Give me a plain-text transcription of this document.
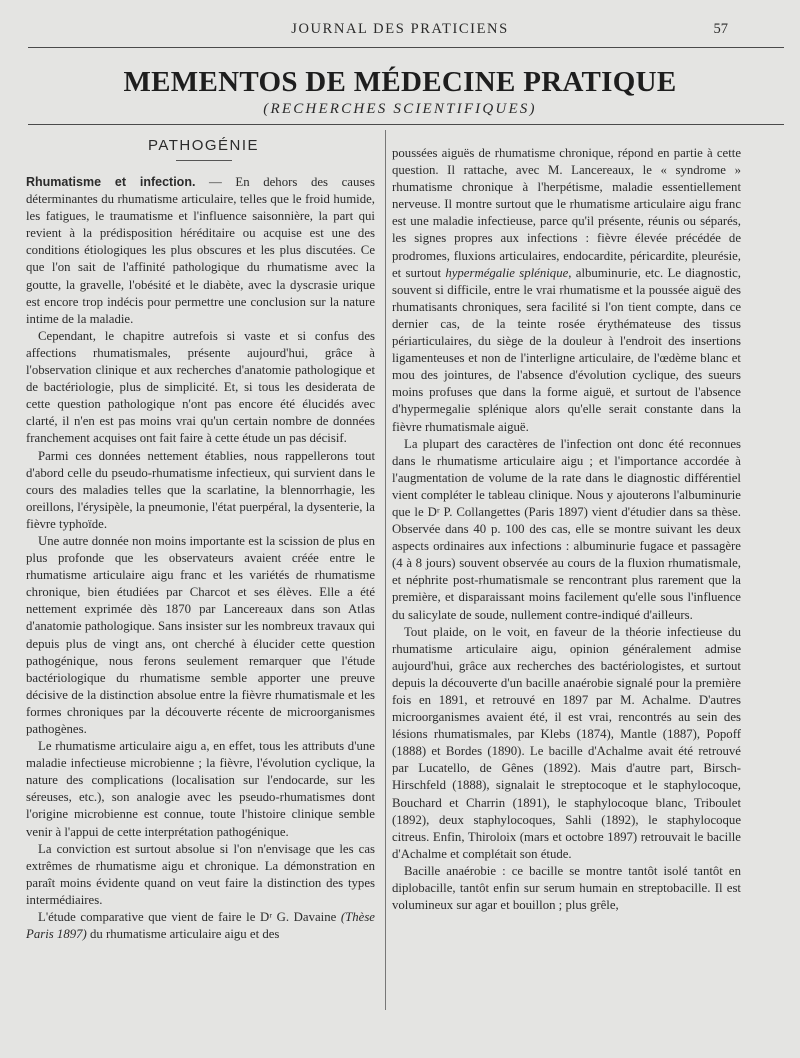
JOURNAL DES PRATICIENS	57
MEMENTOS DE MÉDECINE PRATIQUE
(RECHERCHES SCIENTIFIQUES)
PATHOGÉNIE

Rhumatisme et infection. — En dehors des causes déterminantes du rhumatisme articulaire, telles que le froid humide, les fatigues, le traumatisme et l'influence saisonnière, la part qui revient à la prédisposition héréditaire ou acquise est une des conditions étiologiques les plus obscures et les plus discutées. Ce que l'on sait de l'affinité pathologique du rhumatisme avec la goutte, la gravelle, l'obésité et le diabète, avec la dyscrasie urique est encore trop indécis pour permettre une conclusion sur la nature intime de la maladie.

Cependant, le chapitre autrefois si vaste et si confus des affections rhumatismales, présente aujourd'hui, grâce à l'observation clinique et aux recherches d'anatomie pathologique et de bactériologie, plus de simplicité. Et, si tous les desiderata de cette question pathologique n'ont pas encore été élucidés avec clarté, il n'en est pas moins vrai qu'un certain nombre de données franchement acquises ont fait faire à cette étude un pas décisif.

Parmi ces données nettement établies, nous rappellerons tout d'abord celle du pseudo-rhumatisme infectieux, qui survient dans le cours des maladies telles que la scarlatine, la blennorrhagie, les oreillons, l'érysipèle, la pneumonie, l'état puerpéral, la dysenterie, la fièvre typhoïde.

Une autre donnée non moins importante est la scission de plus en plus profonde que les observateurs avaient créée entre le rhumatisme articulaire aigu franc et les variétés de rhumatisme chronique, bien étudiées par Charcot et ses élèves. Elle a été nettement exprimée dès 1870 par Lancereaux dans son Atlas d'anatomie pathologique. Sans insister sur les nombreux travaux qui depuis plus de vingt ans, ont cherché à élucider cette question pathogénique, nous ferons seulement remarquer que l'étude bactériologique du rhumatisme semble apporter une preuve décisive de la distinction absolue entre la fièvre rhumatismale et les formes chroniques par la découverte récente de microorganismes pathogènes.

Le rhumatisme articulaire aigu a, en effet, tous les attributs d'une maladie infectieuse microbienne ; la fièvre, l'évolution cyclique, la nature des complications (localisation sur l'endocarde, sur les séreuses, etc.), son analogie avec les pseudo-rhumatismes dont l'origine microbienne est connue, toute l'histoire clinique semble venir à l'appui de cette interprétation pathogénique.

La conviction est surtout absolue si l'on n'envisage que les cas extrêmes de rhumatisme aigu et chronique. La démonstration en paraît moins évidente quand on veut faire la distinction des types intermédiaires.

L'étude comparative que vient de faire le Dʳ G. Davaine (Thèse Paris 1897) du rhumatisme articulaire aigu et des

poussées aiguës de rhumatisme chronique, répond en partie à cette question. Il rattache, avec M. Lancereaux, le « syndrome » rhumatisme chronique à l'herpétisme, maladie essentiellement nerveuse. Il montre surtout que le rhumatisme articulaire aigu franc est une maladie infectieuse, parce qu'il présente, réunis ou séparés, les signes propres aux infections : fièvre élevée précédée de prodromes, fluxions articulaires, endocardite, péricardite, pleurésie, et surtout hypermégalie splénique, albuminurie, etc. Le diagnostic, souvent si difficile, entre le vrai rhumatisme et la poussée aiguë des rhumatisants chroniques, sera facilité si l'on tient compte, dans ce dernier cas, de la teinte rosée érythémateuse des tissus périarticulaires, du siège de la douleur à l'endroit des insertions ligamenteuses et non de l'interligne articulaire, de l'œdème blanc et mou des jointures, de l'absence d'évolution cyclique, des sueurs moins profuses que dans la forme aiguë, et surtout de l'absence d'hypermegalie splénique alors qu'elle serait constante dans la fièvre rhumatismale aiguë.

La plupart des caractères de l'infection ont donc été reconnues dans le rhumatisme articulaire aigu ; et l'importance accordée à l'augmentation de volume de la rate dans le diagnostic différentiel vient compléter le tableau clinique. Nous y ajouterons l'albuminurie que le Dʳ P. Collangettes (Paris 1897) vient d'étudier dans sa thèse. Observée dans 40 p. 100 des cas, elle se montre suivant les deux aspects ordinaires aux infections : albuminurie fugace et passagère (4 à 8 jours) souvent observée au cours de la fluxion rhumatismale, et néphrite post-rhumatismale se rencontrant plus rarement que la première, et disparaissant moins facilement qu'elle sous l'influence du salicylate de soude, nullement contre-indiqué d'ailleurs.

Tout plaide, on le voit, en faveur de la théorie infectieuse du rhumatisme articulaire aigu, opinion généralement admise aujourd'hui, grâce aux recherches des bactériologistes, et surtout depuis la découverte d'un bacille anaérobie signalé pour la première fois en 1891, et retrouvé en 1897 par M. Achalme. D'autres microorganismes avaient été, il est vrai, rencontrés au sein des lésions rhumatismales, par Klebs (1874), Mantle (1887), Popoff (1888) et Bordes (1890). Le bacille d'Achalme avait été retrouvé par Lucatello, de Gênes (1892). Mais d'autre part, Birsch-Hirschfeld (1888), signalait le streptocoque et le staphylocoque, Bouchard et Charrin (1891), le staphylocoque blanc, Triboulet (1892), deux staphylocoques, Sahli (1892), le staphylocoque citreus. Enfin, Thiroloix (mars et octobre 1897) retrouvait le bacille d'Achalme et complétait son étude.

Bacille anaérobie : ce bacille se montre tantôt isolé tantôt en diplobacille, tantôt enfin sur serum humain en streptobacille. Il est volumineux sur agar et bouillon ; plus grêle,
